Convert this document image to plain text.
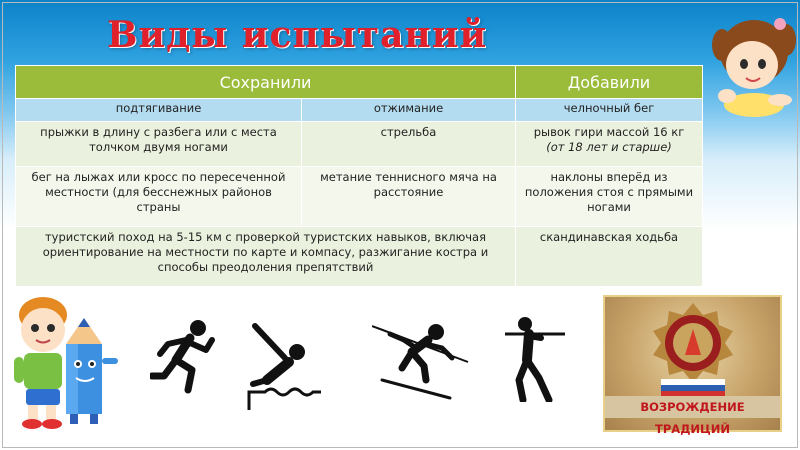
Виды испытаний
Сохранили		Добавили
подтягивание	отжимание	челночный бег
прыжки в длину с разбега или с места толчком двумя ногами	стрельба	рывок гири массой 16 кг
(от 18 лет и старше)

бег на лыжах или кросс по пересеченной местности (для бесснежных районов страны	метание теннисного мяча на расстояние	наклоны вперёд из положения стоя с прямыми ногами
туристский поход на 5-15 км с проверкой туристских навыков, включая ориентирование на местности по карте и компасу, разжигание костра и способы преодоления препятствий		скандинавская ходьба
ВОЗРОЖДЕНИЕ ТРАДИЦИЙ
